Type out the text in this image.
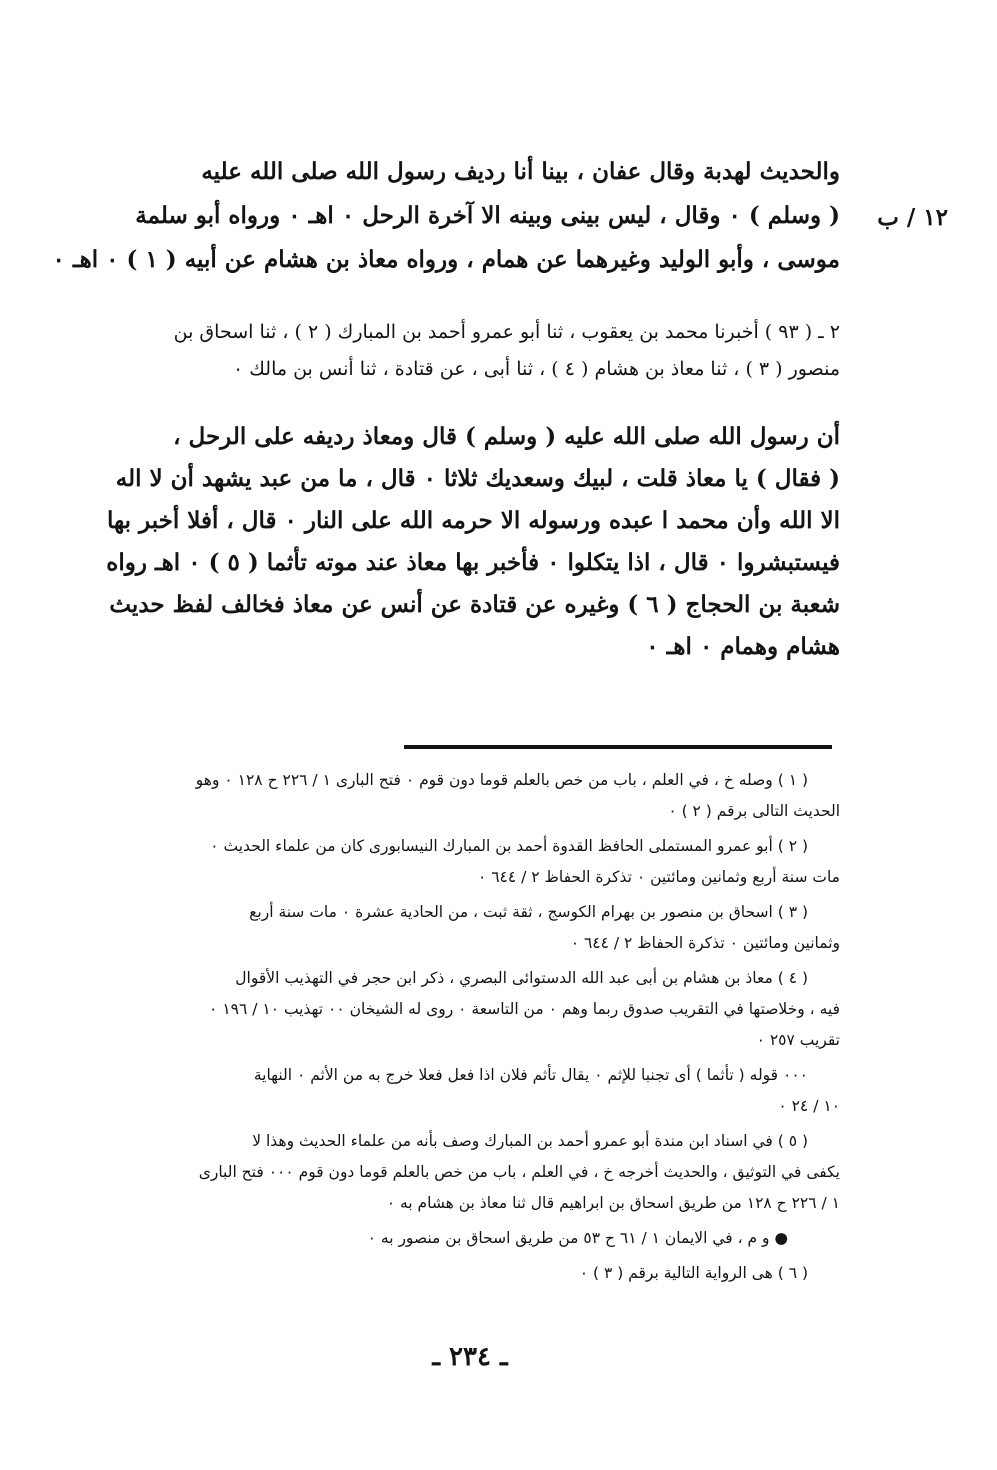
والحديث لهدبة وقال عفان ، بينا أنا رديف رسول الله صلى الله عليه
( وسلم ) ٠ وقال ، ليس بينى وبينه الا آخرة الرحل ٠ اهـ ٠ ورواه أبو سلمة
موسى ، وأبو الوليد وغيرهما عن همام ، ورواه معاذ بن هشام عن أبيه ( ١ ) ٠ اهـ ٠
١٢ / ب
٢ ـ ( ٩٣ ) أخبرنا محمد بن يعقوب ، ثنا أبو عمرو أحمد بن المبارك ( ٢ ) ، ثنا اسحاق بن
منصور ( ٣ ) ، ثنا معاذ بن هشام ( ٤ ) ، ثنا أبى ، عن قتادة ، ثنا أنس بن مالك ٠
أن رسول الله صلى الله عليه ( وسلم ) قال ومعاذ رديفه على الرحل ،
( فقال ) يا معاذ قلت ، لبيك وسعديك ثلاثا ٠ قال ، ما من عبد يشهد أن لا اله
الا الله وأن محمد ا عبده ورسوله الا حرمه الله على النار ٠ قال ، أفلا أخبر بها
فيستبشروا ٠ قال ، اذا يتكلوا ٠ فأخبر بها معاذ عند موته تأثما ( ٥ ) ٠ اهـ رواه
شعبة بن الحجاج ( ٦ ) وغيره عن قتادة عن أنس عن معاذ فخالف لفظ حديث
هشام وهمام ٠ اهـ ٠
( ١ ) وصله خ ، في العلم ، باب من خص بالعلم قوما دون قوم ٠ فتح البارى ١ / ٢٢٦ ح ١٢٨ ٠ وهو
الحديث التالى برقم ( ٢ ) ٠
( ٢ ) أبو عمرو المستملى الحافظ القدوة أحمد بن المبارك النيسابورى كان من علماء الحديث ٠
مات سنة أربع وثمانين ومائتين ٠ تذكرة الحفاظ ٢ / ٦٤٤ ٠
( ٣ ) اسحاق بن منصور بن بهرام الكوسج ، ثقة ثبت ، من الحادية عشرة ٠ مات سنة أربع
وثمانين ومائتين ٠ تذكرة الحفاظ ٢ / ٦٤٤ ٠
( ٤ ) معاذ بن هشام بن أبى عبد الله الدستوائى البصري ، ذكر ابن حجر في التهذيب الأقوال
فيه ، وخلاصتها في التقريب صدوق ربما وهم ٠ من التاسعة ٠ روى له الشيخان ٠٠ تهذيب ١٠ / ١٩٦ ٠
تقريب ٢٥٧ ٠
٠٠٠ قوله ( تأثما ) أى تجنبا للإثم ٠ يقال تأثم فلان اذا فعل فعلا خرج به من الأثم ٠ النهاية
١٠ / ٢٤ ٠
( ٥ ) في اسناد ابن مندة أبو عمرو أحمد بن المبارك وصف بأنه من علماء الحديث وهذا لا
يكفى في التوثيق ، والحديث أخرجه خ ، في العلم ، باب من خص بالعلم قوما دون قوم ٠٠٠ فتح البارى
١ / ٢٢٦ ح ١٢٨ من طريق اسحاق بن ابراهيم قال ثنا معاذ بن هشام به ٠
● و م ، في الايمان ١ / ٦١ ح ٥٣ من طريق اسحاق بن منصور به ٠
( ٦ ) هى الرواية التالية برقم ( ٣ ) ٠
ـ ٢٣٤ ـ
